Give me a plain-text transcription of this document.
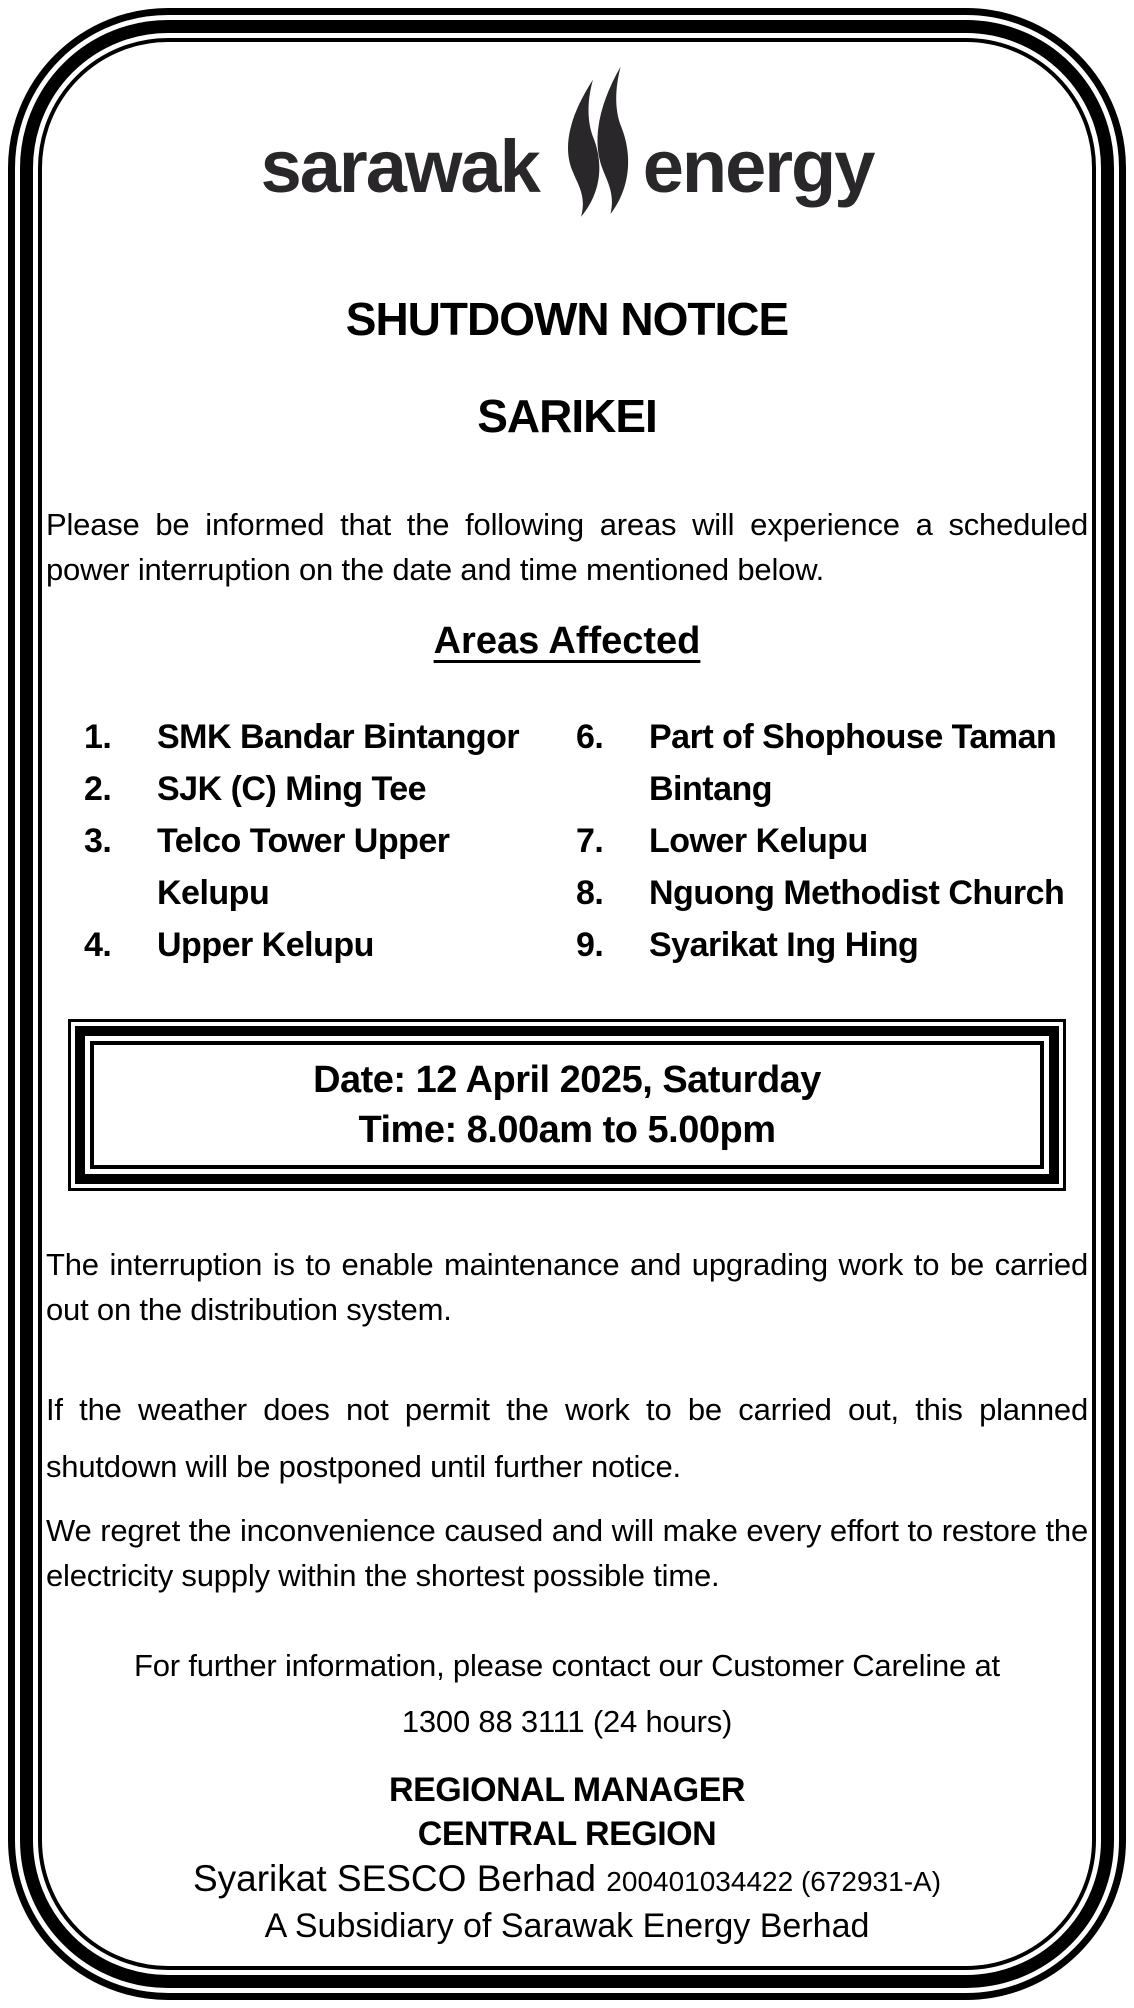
sarawak energy
SHUTDOWN NOTICE
SARIKEI

Please be informed that the following areas will experience a scheduled power interruption on the date and time mentioned below.

Areas Affected
1.	SMK Bandar Bintangor
2.	SJK (C) Ming Tee
3.	Telco Tower Upper Kelupu
4.	Upper Kelupu
6.	Part of Shophouse Taman Bintang
7.	Lower Kelupu
8.	Nguong Methodist Church
9.	Syarikat Ing Hing
Date: 12 April 2025, Saturday
Time: 8.00am to 5.00pm

The interruption is to enable maintenance and upgrading work to be carried out on the distribution system.

If the weather does not permit the work to be carried out, this planned shutdown will be postponed until further notice.

We regret the inconvenience caused and will make every effort to restore the electricity supply within the shortest possible time.

For further information, please contact our Customer Careline at
1300 88 3111 (24 hours)
REGIONAL MANAGER
CENTRAL REGION
Syarikat SESCO Berhad 200401034422 (672931-A)
A Subsidiary of Sarawak Energy Berhad
